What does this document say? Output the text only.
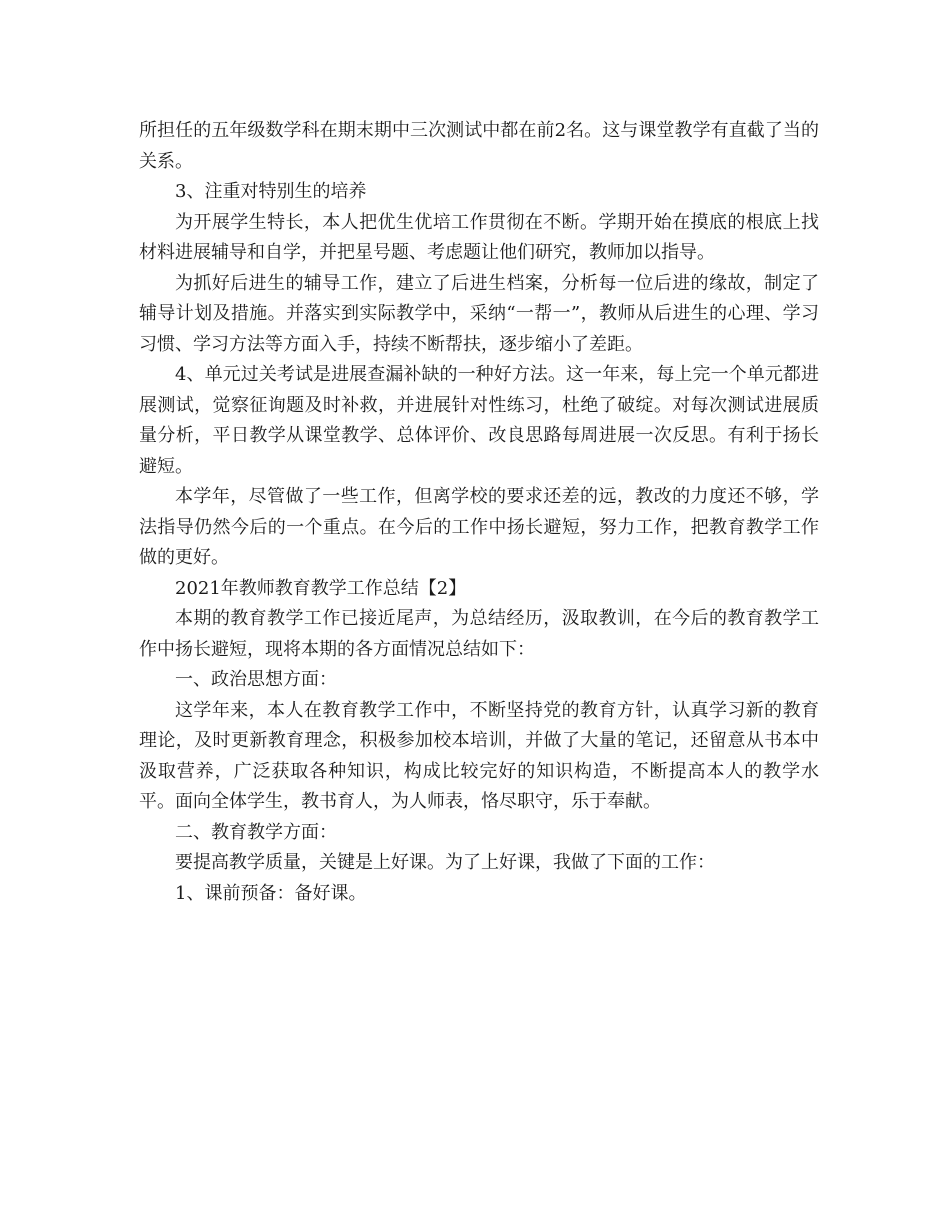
所担任的五年级数学科在期末期中三次测试中都在前2名。这与课堂教学有直截了当的关系。

3、注重对特别生的培养

为开展学生特长，本人把优生优培工作贯彻在不断。学期开始在摸底的根底上找材料进展辅导和自学，并把星号题、考虑题让他们研究，教师加以指导。

为抓好后进生的辅导工作，建立了后进生档案，分析每一位后进的缘故，制定了辅导计划及措施。并落实到实际教学中，采纳“一帮一”，教师从后进生的心理、学习习惯、学习方法等方面入手，持续不断帮扶，逐步缩小了差距。

4、单元过关考试是进展查漏补缺的一种好方法。这一年来，每上完一个单元都进展测试，觉察征询题及时补救，并进展针对性练习，杜绝了破绽。对每次测试进展质量分析，平日教学从课堂教学、总体评价、改良思路每周进展一次反思。有利于扬长避短。

本学年，尽管做了一些工作，但离学校的要求还差的远，教改的力度还不够，学法指导仍然今后的一个重点。在今后的工作中扬长避短，努力工作，把教育教学工作做的更好。

2021年教师教育教学工作总结【2】

本期的教育教学工作已接近尾声，为总结经历，汲取教训，在今后的教育教学工作中扬长避短，现将本期的各方面情况总结如下：

一、政治思想方面：

这学年来，本人在教育教学工作中，不断坚持党的教育方针，认真学习新的教育理论，及时更新教育理念，积极参加校本培训，并做了大量的笔记，还留意从书本中汲取营养，广泛获取各种知识，构成比较完好的知识构造，不断提高本人的教学水平。面向全体学生，教书育人，为人师表，恪尽职守，乐于奉献。

二、教育教学方面：

要提高教学质量，关键是上好课。为了上好课，我做了下面的工作：

1、课前预备：备好课。
